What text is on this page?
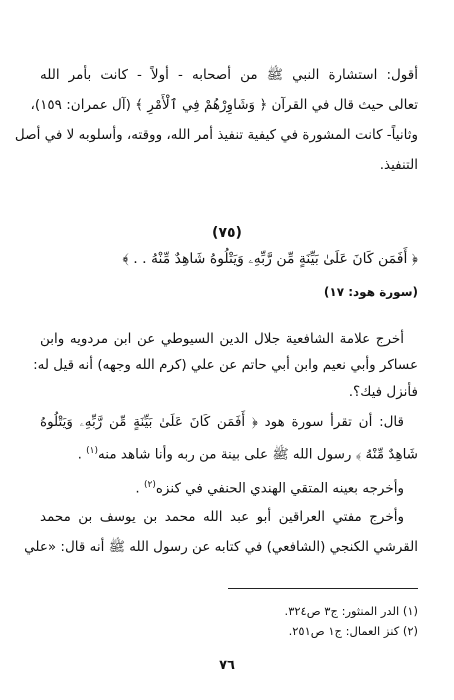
أقول: استشارة النبي ﷺ من أصحابه - أولاً - كانت بأمر الله
تعالى حيث قال في القرآن ﴿ وَشَاوِرْهُمْ فِي ٱلْأَمْرِ ﴾ (آل عمران: ١٥٩)،
وثانياً- كانت المشورة في كيفية تنفيذ أمر الله، ووقته، وأسلوبه لا في أصل
التنفيذ.
(٧٥)
﴿ أَفَمَن كَانَ عَلَىٰ بَيِّنَةٍ مِّن رَّبِّهِۦ وَيَتْلُوهُ شَاهِدٌ مِّنْهُ . . ﴾
(سورة هود: ١٧)
أخرج علامة الشافعية جلال الدين السيوطي عن ابن مردويه وابن
عساكر وأبي نعيم وابن أبي حاتم عن علي (كرم الله وجهه) أنه قيل له:
فأنزل فيك؟.
قال: أن تقرأ سورة هود ﴿ أَفَمَن كَانَ عَلَىٰ بَيِّنَةٍ مِّن رَّبِّهِۦ وَيَتْلُوهُ
شَاهِدٌ مِّنْهُ ﴾ رسول الله ﷺ على بينة من ربه وأنا شاهد منه$^{(١)}$ .
وأخرجه بعينه المتقي الهندي الحنفي في كنزه$^{(٢)}$ .
وأخرج مفتي العراقين أبو عبد الله محمد بن يوسف بن محمد
القرشي الكنجي (الشافعي) في كتابه عن رسول الله ﷺ أنه قال: «علي
(١) الدر المنثور: ج٣ ص٣٢٤.
(٢) كنز العمال: ج١ ص٢٥١.
٧٦
